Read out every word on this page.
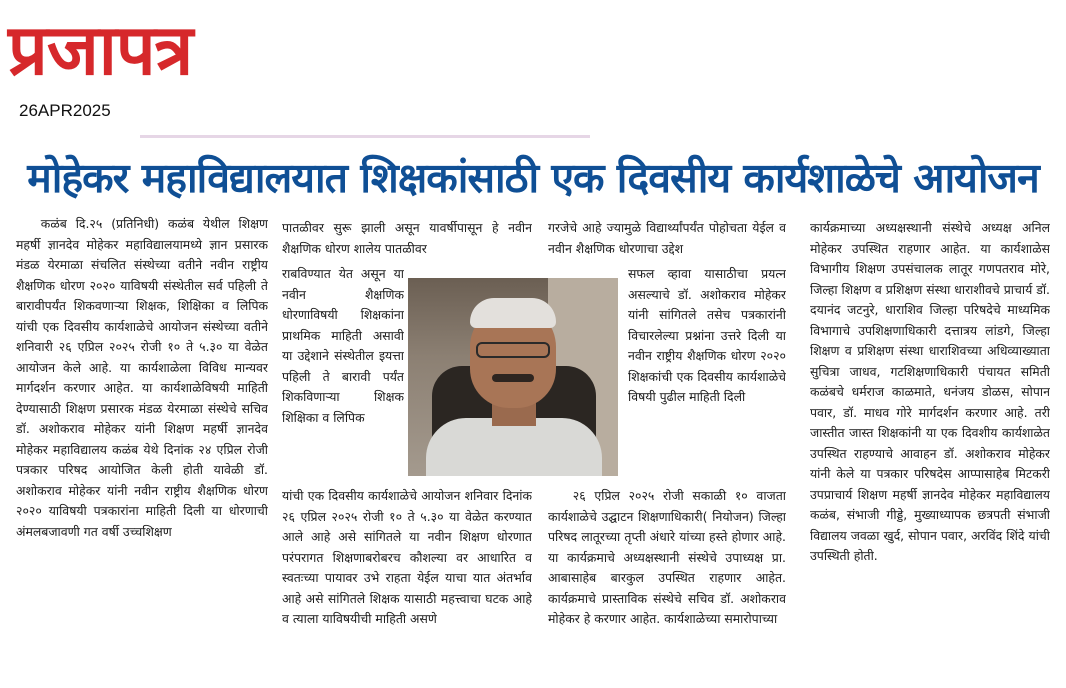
प्रजापत्र
26APR2025
मोहेकर महाविद्यालयात शिक्षकांसाठी एक दिवसीय कार्यशाळेचे आयोजन
कळंब दि.२५ (प्रतिनिधी) कळंब येथील शिक्षण महर्षी ज्ञानदेव मोहेकर महाविद्यालयामध्ये ज्ञान प्रसारक मंडळ येरमाळा संचलित संस्थेच्या वतीने नवीन राष्ट्रीय शैक्षणिक धोरण २०२० याविषयी संस्थेतील सर्व पहिली ते बारावीपर्यंत शिकवणाऱ्या शिक्षक, शिक्षिका व लिपिक यांची एक दिवसीय कार्यशाळेचे आयोजन संस्थेच्या वतीने शनिवारी २६ एप्रिल २०२५ रोजी १० ते ५.३० या वेळेत आयोजन केले आहे. या कार्यशाळेला विविध मान्यवर मार्गदर्शन करणार आहेत. या कार्यशाळेविषयी माहिती देण्यासाठी शिक्षण प्रसारक मंडळ येरमाळा संस्थेचे सचिव डॉ. अशोकराव मोहेकर यांनी शिक्षण महर्षी ज्ञानदेव मोहेकर महाविद्यालय कळंब येथे दिनांक २४ एप्रिल रोजी पत्रकार परिषद आयोजित केली होती यावेळी डॉ. अशोकराव मोहेकर यांनी नवीन राष्ट्रीय शैक्षणिक धोरण २०२० याविषयी पत्रकारांना माहिती दिली या धोरणाची अंमलबजावणी गत वर्षी उच्चशिक्षण
पातळीवर सुरू झाली असून यावर्षीपासून हे नवीन शैक्षणिक धोरण शालेय पातळीवर
राबविण्यात येत असून या नवीन शैक्षणिक धोरणाविषयी शिक्षकांना प्राथमिक माहिती असावी या उद्देशाने संस्थेतील इयत्ता पहिली ते बारावी पर्यंत शिकविणाऱ्या शिक्षक शिक्षिका व लिपिक
यांची एक दिवसीय कार्यशाळेचे आयोजन शनिवार दिनांक २६ एप्रिल २०२५ रोजी १० ते ५.३० या वेळेत करण्यात आले आहे असे सांगितले या नवीन शिक्षण धोरणात परंपरागत शिक्षणाबरोबरच कौशल्या वर आधारित व स्वतःच्या पायावर उभे राहता येईल याचा यात अंतर्भाव आहे असे सांगितले शिक्षक यासाठी महत्त्वाचा घटक आहे व त्याला याविषयीची माहिती असणे
गरजेचे आहे ज्यामुळे विद्यार्थ्यांपर्यंत पोहोचता येईल व नवीन शैक्षणिक धोरणाचा उद्देश
सफल व्हावा यासाठीचा प्रयत्न असल्याचे डॉ. अशोकराव मोहेकर यांनी सांगितले तसेच पत्रकारांनी विचारलेल्या प्रश्नांना उत्तरे दिली या नवीन राष्ट्रीय शैक्षणिक धोरण २०२० शिक्षकांची एक दिवसीय कार्यशाळेचे विषयी पुढील माहिती दिली
२६ एप्रिल २०२५ रोजी सकाळी १० वाजता कार्यशाळेचे उद्घाटन शिक्षणाधिकारी( नियोजन) जिल्हा परिषद लातूरच्या तृप्ती अंधारे यांच्या हस्ते होणार आहे. या कार्यक्रमाचे अध्यक्षस्थानी संस्थेचे उपाध्यक्ष प्रा. आबासाहेब बारकुल उपस्थित राहणार आहेत. कार्यक्रमाचे प्रास्ताविक संस्थेचे सचिव डॉ. अशोकराव मोहेकर हे करणार आहेत. कार्यशाळेच्या समारोपाच्या
कार्यक्रमाच्या अध्यक्षस्थानी संस्थेचे अध्यक्ष अनिल मोहेकर उपस्थित राहणार आहेत. या कार्यशाळेस विभागीय शिक्षण उपसंचालक लातूर गणपतराव मोरे, जिल्हा शिक्षण व प्रशिक्षण संस्था धाराशीवचे प्राचार्य डॉ. दयानंद जटनुरे, धाराशिव जिल्हा परिषदेचे माध्यमिक विभागाचे उपशिक्षणाधिकारी दत्तात्रय लांडगे, जिल्हा शिक्षण व प्रशिक्षण संस्था धाराशिवच्या अधिव्याख्याता सुचित्रा जाधव, गटशिक्षणाधिकारी पंचायत समिती कळंबचे धर्मराज काळमाते, धनंजय डोळस, सोपान पवार, डॉ. माधव गोरे मार्गदर्शन करणार आहे. तरी जास्तीत जास्त शिक्षकांनी या एक दिवशीय कार्यशाळेत उपस्थित राहण्याचे आवाहन डॉ. अशोकराव मोहेकर यांनी केले या पत्रकार परिषदेस आप्पासाहेब मिटकरी उपप्राचार्य शिक्षण महर्षी ज्ञानदेव मोहेकर महाविद्यालय कळंब, संभाजी गीड्डे, मुख्याध्यापक छत्रपती संभाजी विद्यालय जवळा खुर्द, सोपान पवार, अरविंद शिंदे यांची उपस्थिती होती.
